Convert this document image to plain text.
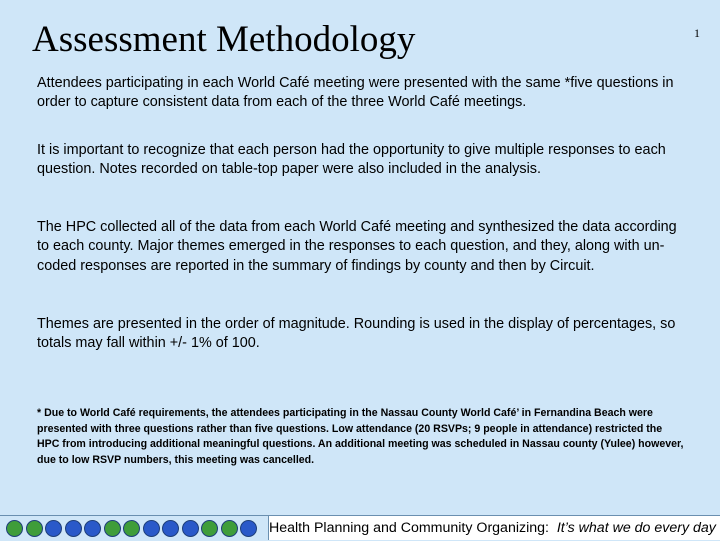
Assessment Methodology	1

Attendees participating in each World Café meeting were presented with the same *five questions in order to capture consistent data from each of the three World Café meetings.

It is important to recognize that each person had the opportunity to give multiple responses to each question. Notes recorded on table-top paper were also included in the analysis.

The HPC collected all of the data from each World Café meeting and synthesized the data according to each county. Major themes emerged in the responses to each question, and they, along with un-coded responses are reported in the summary of findings by county and then by Circuit.

Themes are presented in the order of magnitude. Rounding is used in the display of percentages, so totals may fall within +/- 1% of 100.

* Due to World Café requirements, the attendees participating in the Nassau County World Café’ in Fernandina Beach were presented with three questions rather than five questions. Low attendance (20 RSVPs; 9 people in attendance) restricted the HPC from introducing additional meaningful questions. An additional meeting was scheduled in Nassau county (Yulee) however, due to low RSVP numbers, this meeting was cancelled.

Health Planning and Community Organizing: It’s what we do every day
